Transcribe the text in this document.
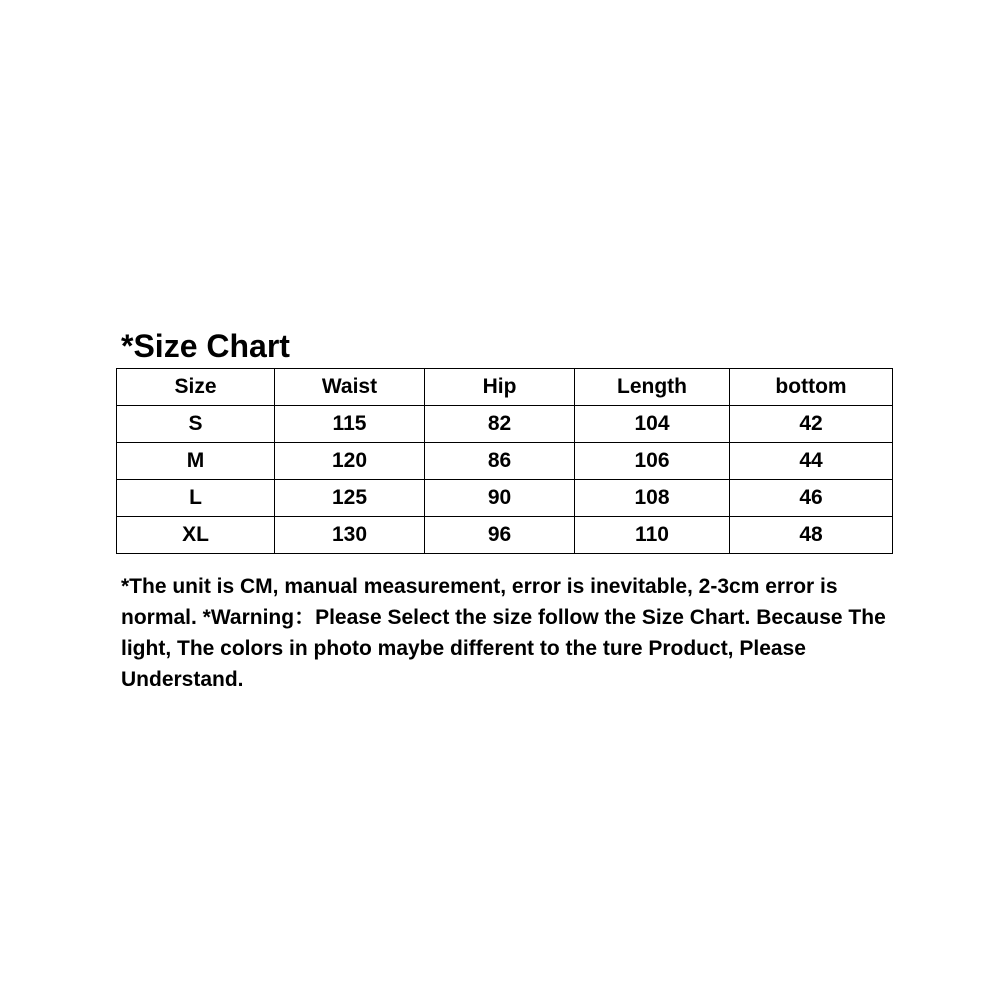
*Size Chart
Size	Waist	Hip	Length	bottom
S	115	82	104	42
M	120	86	106	44
L	125	90	108	46
XL	130	96	110	48

*The unit is CM, manual measurement, error is inevitable, 2-3cm error is normal. *Warning：Please Select the size follow the Size Chart. Because The light, The colors in photo maybe different to the ture Product, Please Understand.
